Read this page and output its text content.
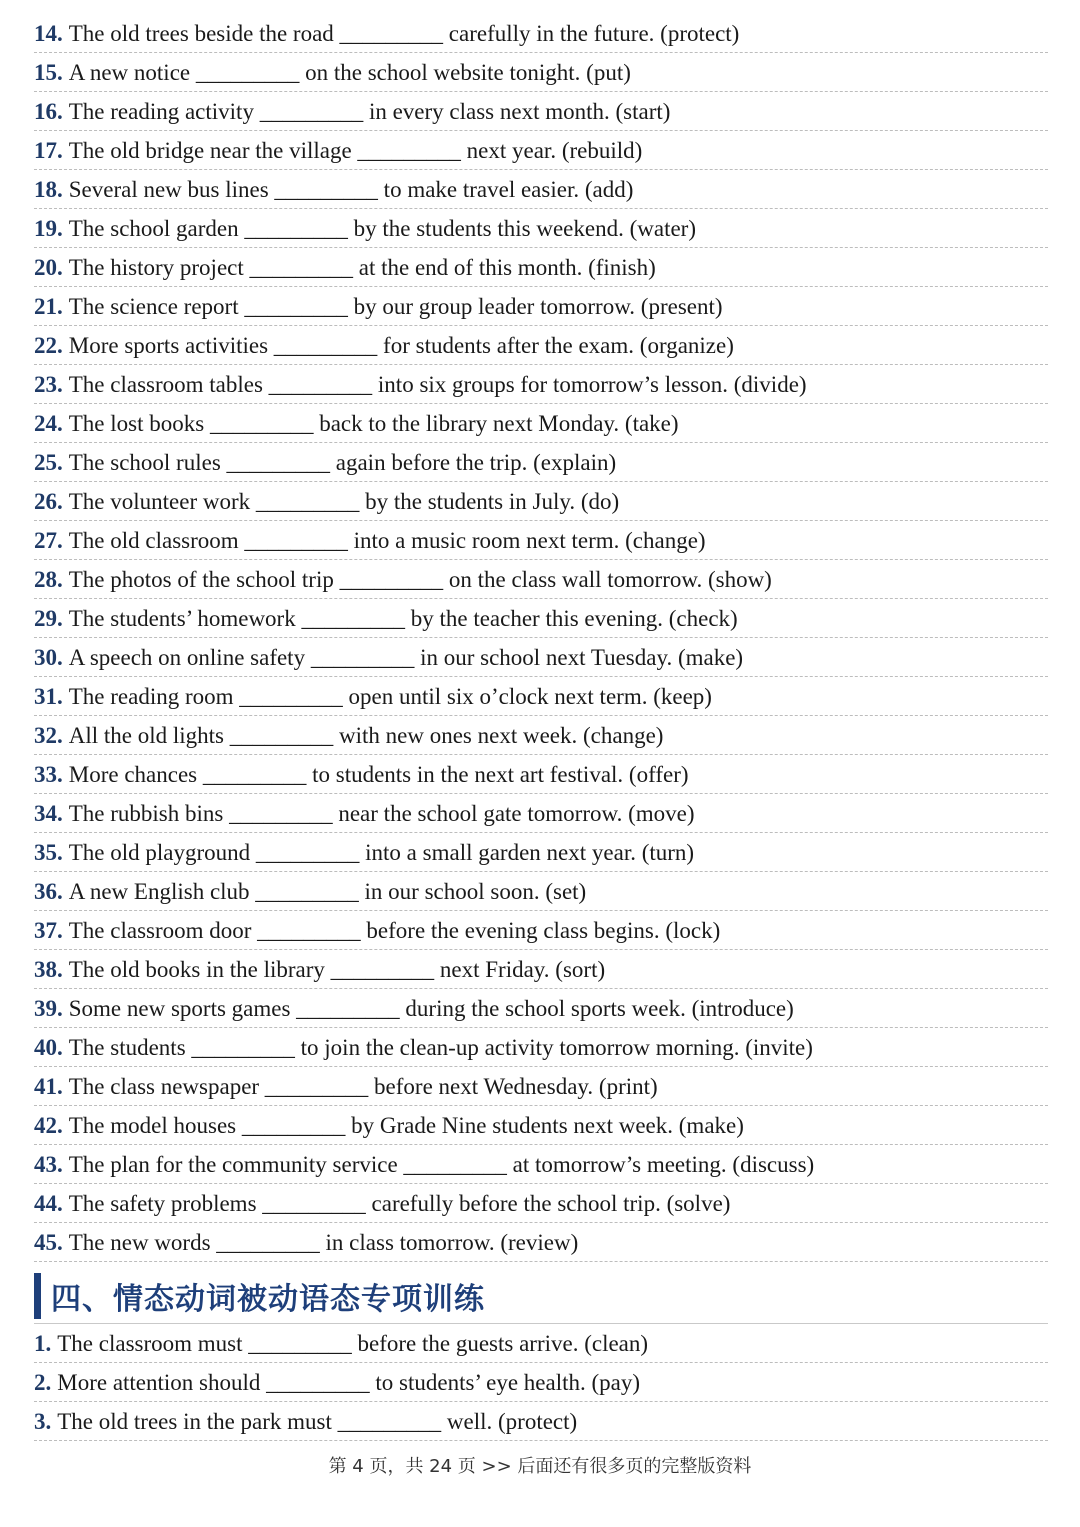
14. The old trees beside the road _________ carefully in the future. (protect)
15. A new notice _________ on the school website tonight. (put)
16. The reading activity _________ in every class next month. (start)
17. The old bridge near the village _________ next year. (rebuild)
18. Several new bus lines _________ to make travel easier. (add)
19. The school garden _________ by the students this weekend. (water)
20. The history project _________ at the end of this month. (finish)
21. The science report _________ by our group leader tomorrow. (present)
22. More sports activities _________ for students after the exam. (organize)
23. The classroom tables _________ into six groups for tomorrow’s lesson. (divide)
24. The lost books _________ back to the library next Monday. (take)
25. The school rules _________ again before the trip. (explain)
26. The volunteer work _________ by the students in July. (do)
27. The old classroom _________ into a music room next term. (change)
28. The photos of the school trip _________ on the class wall tomorrow. (show)
29. The students’ homework _________ by the teacher this evening. (check)
30. A speech on online safety _________ in our school next Tuesday. (make)
31. The reading room _________ open until six o’clock next term. (keep)
32. All the old lights _________ with new ones next week. (change)
33. More chances _________ to students in the next art festival. (offer)
34. The rubbish bins _________ near the school gate tomorrow. (move)
35. The old playground _________ into a small garden next year. (turn)
36. A new English club _________ in our school soon. (set)
37. The classroom door _________ before the evening class begins. (lock)
38. The old books in the library _________ next Friday. (sort)
39. Some new sports games _________ during the school sports week. (introduce)
40. The students _________ to join the clean-up activity tomorrow morning. (invite)
41. The class newspaper _________ before next Wednesday. (print)
42. The model houses _________ by Grade Nine students next week. (make)
43. The plan for the community service _________ at tomorrow’s meeting. (discuss)
44. The safety problems _________ carefully before the school trip. (solve)
45. The new words _________ in class tomorrow. (review)
四、情态动词被动语态专项训练
1. The classroom must _________ before the guests arrive. (clean)
2. More attention should _________ to students’ eye health. (pay)
3. The old trees in the park must _________ well. (protect)
第 4 页，共 24 页 >> 后面还有很多页的完整版资料
